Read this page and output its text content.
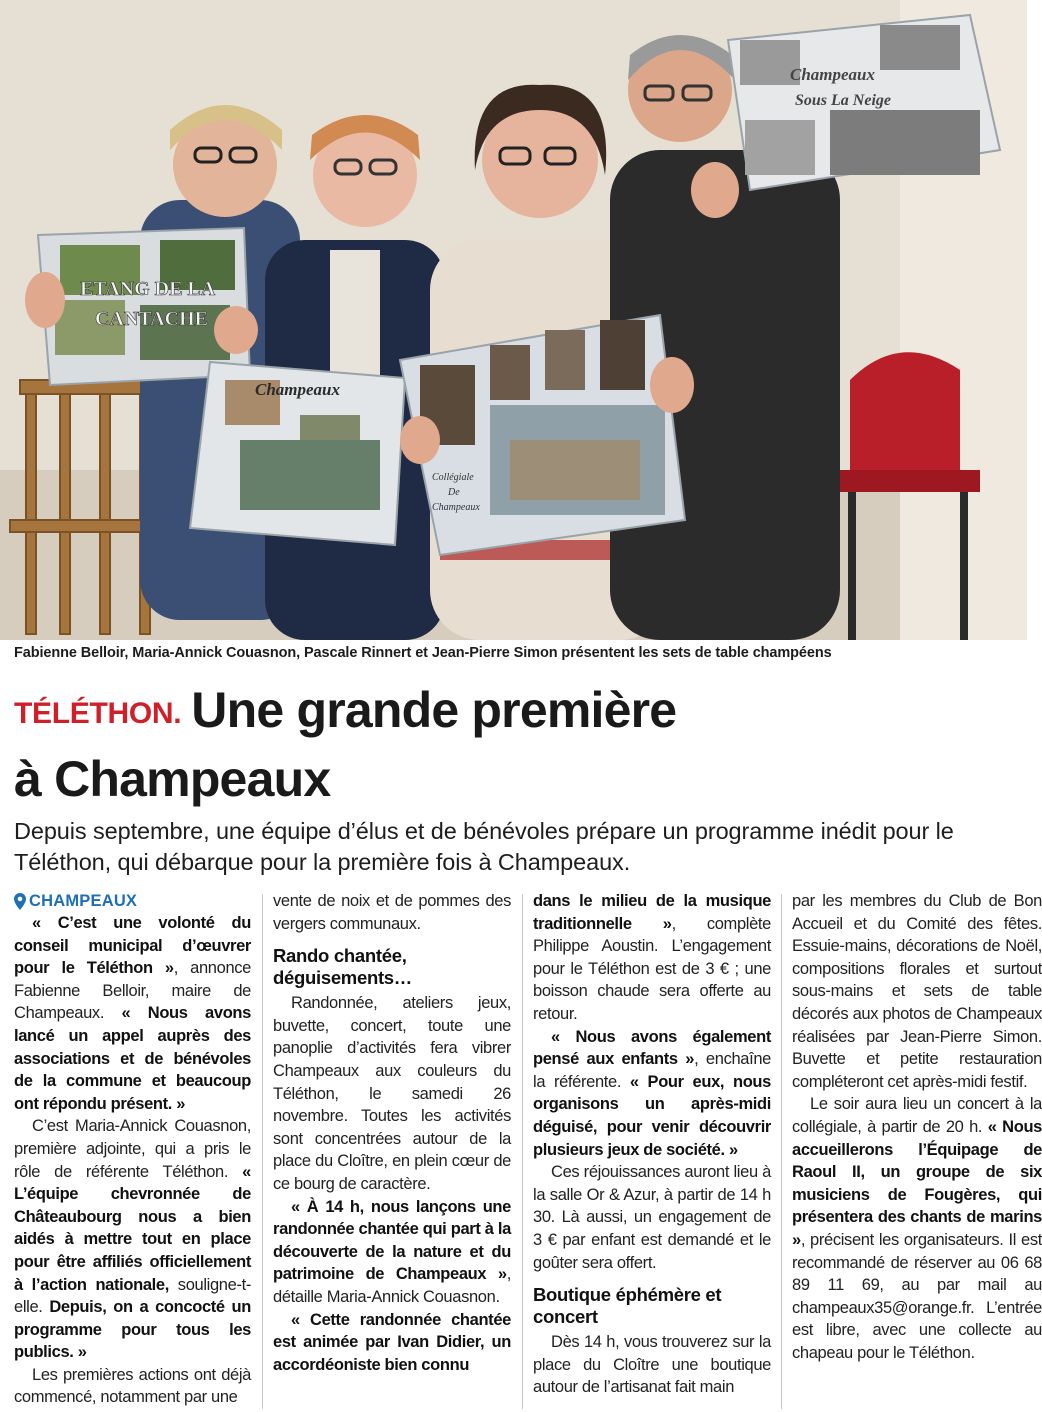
ETANG DE LA
CANTACHE
Champeaux
Collégiale
De
Champeaux
Champeaux
Sous La Neige
Fabienne Belloir, Maria-Annick Couasnon, Pascale Rinnert et Jean-Pierre Simon présentent les sets de table champéens
TÉLÉTHON. Une grande première
à Champeaux
Depuis septembre, une équipe d’élus et de bénévoles prépare un programme inédit pour le Téléthon, qui débarque pour la première fois à Champeaux.
CHAMPEAUX

« C’est une volonté du conseil municipal d’œuvrer pour le Téléthon », annonce Fabienne Belloir, maire de Champeaux. « Nous avons lancé un appel auprès des associations et de bénévoles de la commune et beaucoup ont répondu présent. »

C’est Maria-Annick Couasnon, première adjointe, qui a pris le rôle de référente Téléthon. « L’équipe chevronnée de Châteaubourg nous a bien aidés à mettre tout en place pour être affiliés officiellement à l’action nationale, souligne-t-elle. Depuis, on a concocté un programme pour tous les publics. »

Les premières actions ont déjà commencé, notamment par une

vente de noix et de pommes des vergers communaux.

Rando chantée, déguisements…

Randonnée, ateliers jeux, buvette, concert, toute une panoplie d’activités fera vibrer Champeaux aux couleurs du Téléthon, le samedi 26 novembre. Toutes les activités sont concentrées autour de la place du Cloître, en plein cœur de ce bourg de caractère.

« À 14 h, nous lançons une randonnée chantée qui part à la découverte de la nature et du patrimoine de Champeaux », détaille Maria-Annick Couasnon.

« Cette randonnée chantée est animée par Ivan Didier, un accordéoniste bien connu

dans le milieu de la musique traditionnelle », complète Philippe Aoustin. L’engagement pour le Téléthon est de 3 € ; une boisson chaude sera offerte au retour.

« Nous avons également pensé aux enfants », enchaîne la référente. « Pour eux, nous organisons un après-midi déguisé, pour venir découvrir plusieurs jeux de société. »

Ces réjouissances auront lieu à la salle Or & Azur, à partir de 14 h 30. Là aussi, un engagement de 3 € par enfant est demandé et le goûter sera offert.

Boutique éphémère et concert

Dès 14 h, vous trouverez sur la place du Cloître une boutique autour de l’artisanat fait main

par les membres du Club de Bon Accueil et du Comité des fêtes. Essuie-mains, décorations de Noël, compositions florales et surtout sous-mains et sets de table décorés aux photos de Champeaux réalisées par Jean-Pierre Simon. Buvette et petite restauration compléteront cet après-midi festif.

Le soir aura lieu un concert à la collégiale, à partir de 20 h. « Nous accueillerons l’Équipage de Raoul II, un groupe de six musiciens de Fougères, qui présentera des chants de marins », précisent les organisateurs. Il est recommandé de réserver au 06 68 89 11 69, au par mail au champeaux35@orange.fr. L’entrée est libre, avec une collecte au chapeau pour le Téléthon.
